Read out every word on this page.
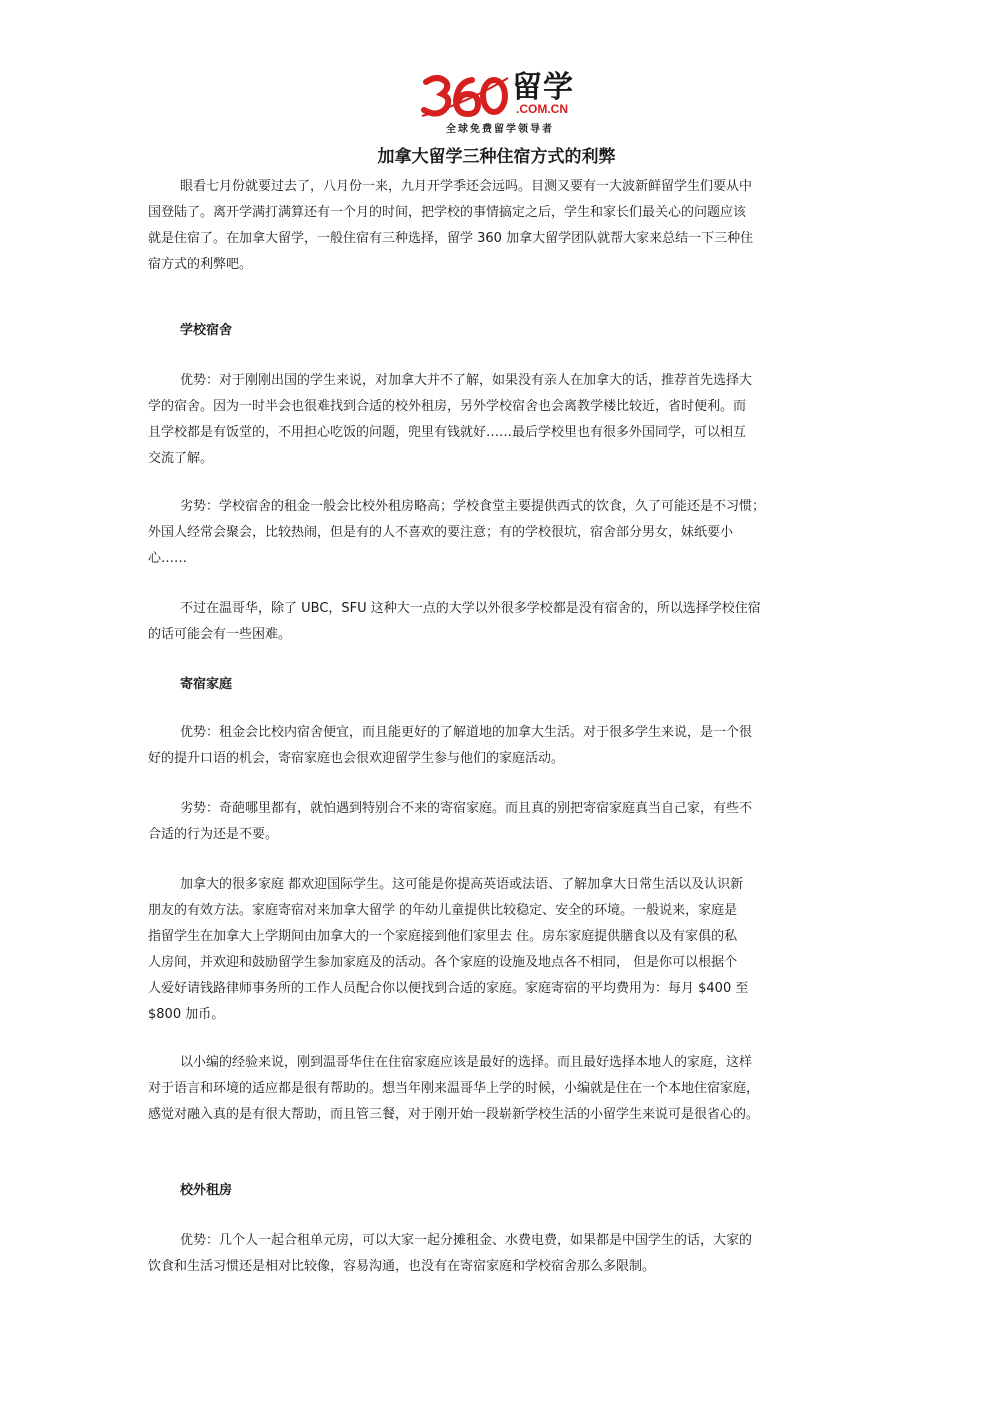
留学
.COM.CN
全球免费留学领导者
加拿大留学三种住宿方式的利弊
眼看七月份就要过去了，八月份一来，九月开学季还会远吗。目测又要有一大波新鲜留学生们要从中
国登陆了。离开学满打满算还有一个月的时间，把学校的事情搞定之后，学生和家长们最关心的问题应该
就是住宿了。在加拿大留学，一般住宿有三种选择，留学 360 加拿大留学团队就帮大家来总结一下三种住
宿方式的利弊吧。
学校宿舍
优势：对于刚刚出国的学生来说，对加拿大并不了解，如果没有亲人在加拿大的话，推荐首先选择大
学的宿舍。因为一时半会也很难找到合适的校外租房，另外学校宿舍也会离教学楼比较近，省时便利。而
且学校都是有饭堂的，不用担心吃饭的问题，兜里有钱就好……最后学校里也有很多外国同学，可以相互
交流了解。
劣势：学校宿舍的租金一般会比校外租房略高；学校食堂主要提供西式的饮食，久了可能还是不习惯；
外国人经常会聚会，比较热闹，但是有的人不喜欢的要注意；有的学校很坑，宿舍部分男女，妹纸要小
心……
不过在温哥华，除了 UBC，SFU 这种大一点的大学以外很多学校都是没有宿舍的，所以选择学校住宿
的话可能会有一些困难。
寄宿家庭
优势：租金会比校内宿舍便宜，而且能更好的了解道地的加拿大生活。对于很多学生来说，是一个很
好的提升口语的机会，寄宿家庭也会很欢迎留学生参与他们的家庭活动。
劣势：奇葩哪里都有，就怕遇到特别合不来的寄宿家庭。而且真的别把寄宿家庭真当自己家，有些不
合适的行为还是不要。
加拿大的很多家庭 都欢迎国际学生。这可能是你提高英语或法语、了解加拿大日常生活以及认识新
朋友的有效方法。家庭寄宿对来加拿大留学 的年幼儿童提供比较稳定、安全的环境。一般说来，家庭是
指留学生在加拿大上学期间由加拿大的一个家庭接到他们家里去 住。房东家庭提供膳食以及有家俱的私
人房间，并欢迎和鼓励留学生参加家庭及的活动。各个家庭的设施及地点各不相同， 但是你可以根据个
人爱好请钱路律师事务所的工作人员配合你以便找到合适的家庭。家庭寄宿的平均费用为：每月 $400 至
$800 加币。
以小编的经验来说，刚到温哥华住在住宿家庭应该是最好的选择。而且最好选择本地人的家庭，这样
对于语言和环境的适应都是很有帮助的。想当年刚来温哥华上学的时候，小编就是住在一个本地住宿家庭，
感觉对融入真的是有很大帮助，而且管三餐，对于刚开始一段崭新学校生活的小留学生来说可是很省心的。
校外租房
优势：几个人一起合租单元房，可以大家一起分摊租金、水费电费，如果都是中国学生的话，大家的
饮食和生活习惯还是相对比较像，容易沟通，也没有在寄宿家庭和学校宿舍那么多限制。
